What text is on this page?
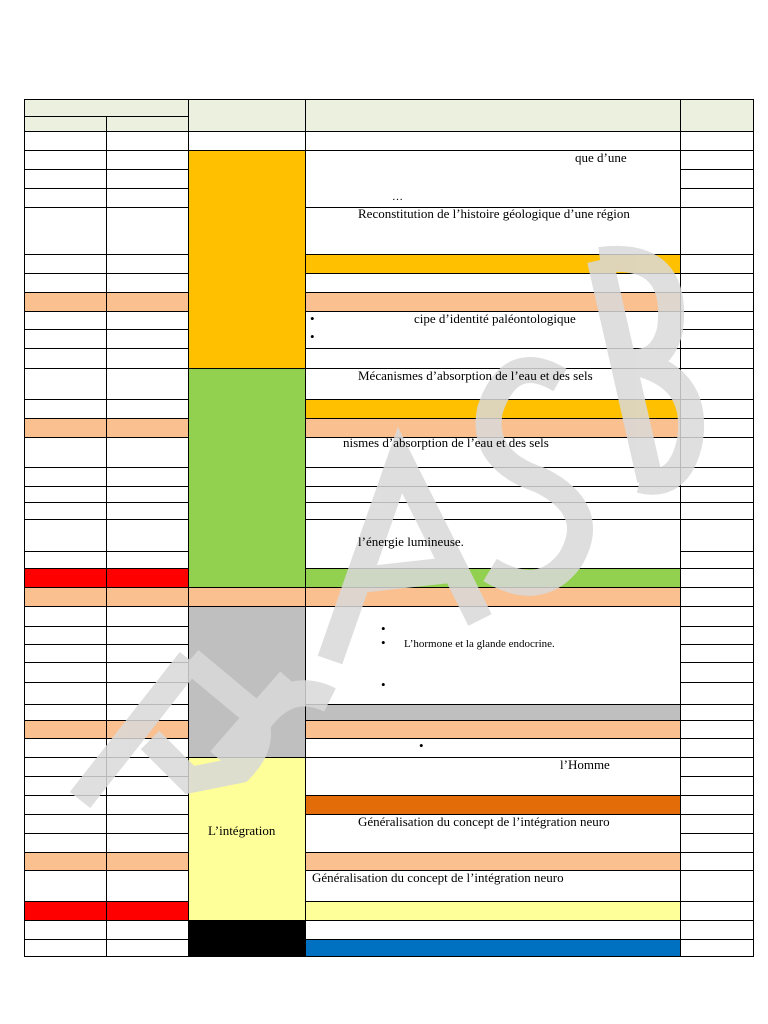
que d’une
…
Reconstitution de l’histoire géologique d’une région
•	cipe d’identité paléontologique
•
Mécanismes d’absorption de l’eau et des sels
nismes d’absorption de l’eau et des sels
l’énergie lumineuse.
•
• L’hormone et la glande endocrine.
•
•
l’Homme
Généralisation du concept de l’intégration neuro
Généralisation du concept de l’intégration neuro
L’intégration
